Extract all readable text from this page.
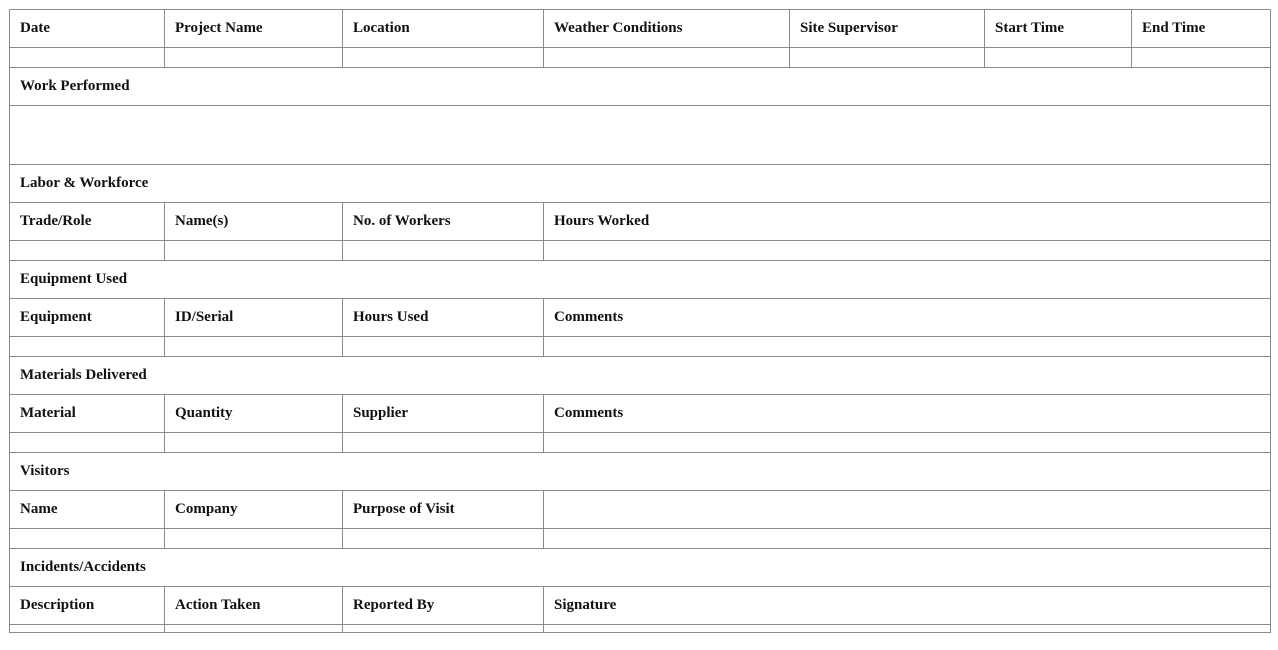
Date	Project Name	Location	Weather Conditions	Site Supervisor	Start Time	End Time

Work Performed						

Labor & Workforce						
Trade/Role	Name(s)	No. of Workers	Hours Worked			

Equipment Used						
Equipment	ID/Serial	Hours Used	Comments			

Materials Delivered						
Material	Quantity	Supplier	Comments			

Visitors						
Name	Company	Purpose of Visit				

Incidents/Accidents						
Description	Action Taken	Reported By	Signature			
